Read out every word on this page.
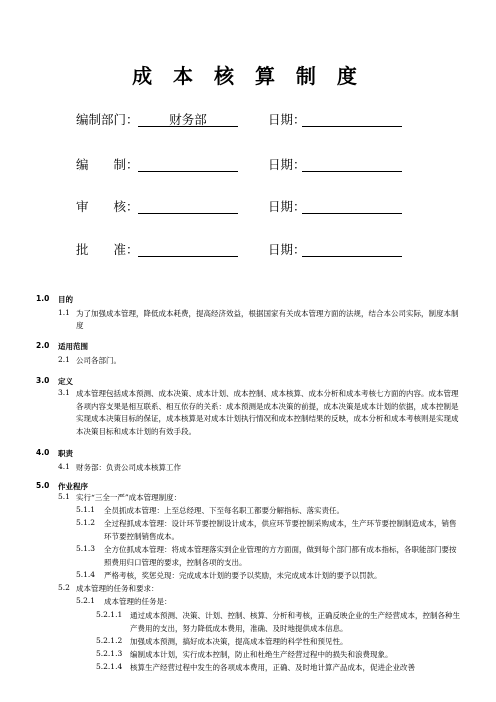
成 本 核 算 制 度
编制部门：	财务部	日期：
编　　制：	日期：
审　　核：	日期：
批　　准：	日期：
1.0 目的
1.1 为了加强成本管理，降低成本耗费，提高经济效益，根据国家有关成本管理方面的法规，结合本公司实际，制度本制度
2.0 适用范围
2.1 公司各部门。
3.0 定义
3.1 成本管理包括成本预测、成本决策、成本计划、成本控制、成本核算、成本分析和成本考核七方面的内容。成本管理各项内容支果是相互联系、相互依存的关系：成本预测是成本决策的前提，成本决策是成本计划的依据，成本控制是实现成本决策目标的保证，成本核算是对成本计划执行情况和成本控制结果的反映，成本分析和成本考核则是实现成本决策目标和成本计划的有效手段。
4.0 职责
4.1 财务部：负责公司成本核算工作
5.0 作业程序
5.1 实行“三全一严”成本管理制度：
5.1.1 全员抓成本管理：上至总经理、下至每名职工都要分解指标、落实责任。
5.1.2 全过程抓成本管理：设计环节要控制设计成本，供应环节要控制采购成本，生产环节要控制制造成本，销售环节要控制销售成本。
5.1.3 全方位抓成本管理：将成本管理落实到企业管理的方方面面，做到每个部门都有成本指标，各职能部门要按照费用归口管理的要求，控制各项的支出。
5.1.4 严格考核，奖惩兑现：完成成本计划的要予以奖励，未完成成本计划的要予以罚款。
5.2 成本管理的任务和要求：
5.2.1 成本管理的任务是：
5.2.1.1 通过成本预测、决策、计划、控制、核算、分析和考核，正确反映企业的生产经营成本，控制各种生产费用的支出，努力降低成本费用，准确、及时地提供成本信息。
5.2.1.2 加强成本预测，搞好成本决策，提高成本管理的科学性和预见性。
5.2.1.3 编制成本计划，实行成本控制，防止和杜绝生产经营过程中的损失和浪费现象。
5.2.1.4 核算生产经营过程中发生的各项成本费用，正确、及时地计算产品成本，促进企业改善
